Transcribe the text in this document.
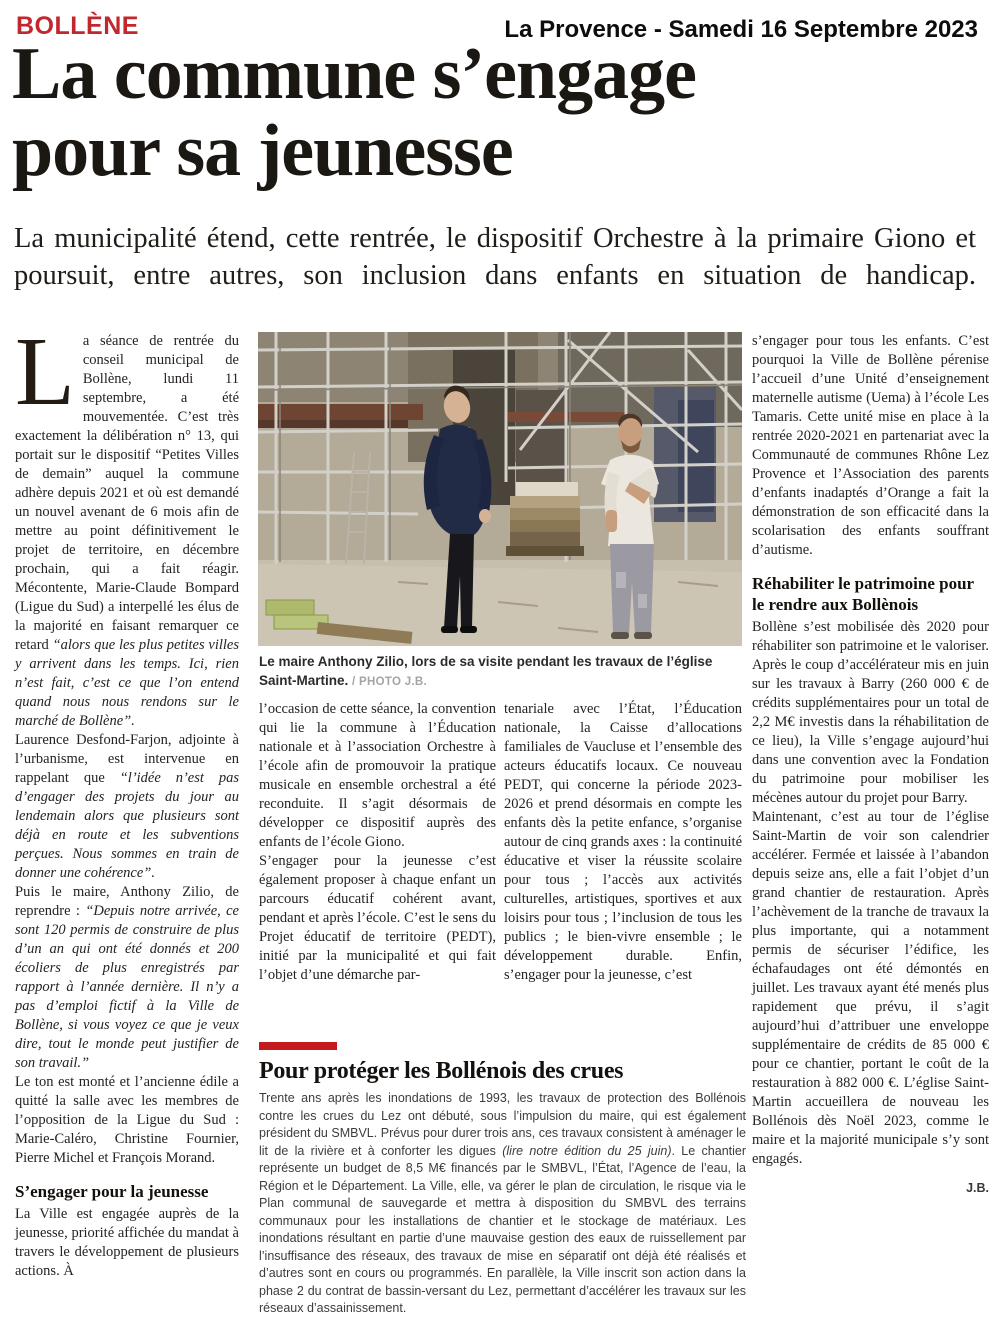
BOLLÈNE	La Provence - Samedi 16 Septembre 2023
La commune s’engage
pour sa jeunesse

La municipalité étend, cette rentrée, le dispositif Orchestre à la primaire Giono et poursuit, entre autres, son inclusion dans enfants en situation de handicap.

La séance de rentrée du conseil municipal de Bollène, lundi 11 septembre, a été mouvementée. C’est très exactement la délibération n° 13, qui portait sur le dispositif “Petites Villes de demain” auquel la commune adhère depuis 2021 et où est demandé un nouvel avenant de 6 mois afin de mettre au point définitivement le projet de territoire, en décembre prochain, qui a fait réagir. Mécontente, Marie-Claude Bompard (Ligue du Sud) a interpellé les élus de la majorité en faisant remarquer ce retard “alors que les plus petites villes y arrivent dans les temps. Ici, rien n’est fait, c’est ce que l’on entend quand nous nous rendons sur le marché de Bollène”.

Laurence Desfond-Farjon, adjointe à l’urbanisme, est intervenue en rappelant que “l’idée n’est pas d’engager des projets du jour au lendemain alors que plusieurs sont déjà en route et les subventions perçues. Nous sommes en train de donner une cohérence”.

Puis le maire, Anthony Zilio, de reprendre : “Depuis notre arrivée, ce sont 120 permis de construire de plus d’un an qui ont été donnés et 200 écoliers de plus enregistrés par rapport à l’année dernière. Il n’y a pas d’emploi fictif à la Ville de Bollène, si vous voyez ce que je veux dire, tout le monde peut justifier de son travail.”

Le ton est monté et l’ancienne édile a quitté la salle avec les membres de l’opposition de la Ligue du Sud : Marie-Caléro, Christine Fournier, Pierre Michel et François Morand.

S’engager pour la jeunesse

La Ville est engagée auprès de la jeunesse, priorité affichée du mandat à travers le développement de plusieurs actions. À

Le maire Anthony Zilio, lors de sa visite pendant les travaux de l’église Saint-Martine. / PHOTO J.B.

l’occasion de cette séance, la convention qui lie la commune à l’Éducation nationale et à l’association Orchestre à l’école afin de promouvoir la pratique musicale en ensemble orchestral a été reconduite. Il s’agit désormais de développer ce dispositif auprès des enfants de l’école Giono.

S’engager pour la jeunesse c’est également proposer à chaque enfant un parcours éducatif cohérent avant, pendant et après l’école. C’est le sens du Projet éducatif de territoire (PEDT), initié par la municipalité et qui fait l’objet d’une démarche par-

tenariale avec l’État, l’Éducation nationale, la Caisse d’allocations familiales de Vaucluse et l’ensemble des acteurs éducatifs locaux. Ce nouveau PEDT, qui concerne la période 2023-2026 et prend désormais en compte les enfants dès la petite enfance, s’organise autour de cinq grands axes : la continuité éducative et viser la réussite scolaire pour tous ; l’accès aux activités culturelles, artistiques, sportives et aux loisirs pour tous ; l’inclusion de tous les publics ; le bien-vivre ensemble ; le développement durable. Enfin, s’engager pour la jeunesse, c’est

Pour protéger les Bollénois des crues

Trente ans après les inondations de 1993, les travaux de protection des Bollénois contre les crues du Lez ont débuté, sous l’impulsion du maire, qui est également président du SMBVL. Prévus pour durer trois ans, ces travaux consistent à aménager le lit de la rivière et à conforter les digues (lire notre édition du 25 juin). Le chantier représente un budget de 8,5 M€ financés par le SMBVL, l’État, l’Agence de l’eau, la Région et le Département. La Ville, elle, va gérer le plan de circulation, le risque via le Plan communal de sauvegarde et mettra à disposition du SMBVL des terrains communaux pour les installations de chantier et le stockage de matériaux. Les inondations résultant en partie d’une mauvaise gestion des eaux de ruissellement par l’insuffisance des réseaux, des travaux de mise en séparatif ont déjà été réalisés et d’autres sont en cours ou programmés. En parallèle, la Ville inscrit son action dans la phase 2 du contrat de bassin-versant du Lez, permettant d’accélérer les travaux sur les réseaux d’assainissement.

s’engager pour tous les enfants. C’est pourquoi la Ville de Bollène pérenise l’accueil d’une Unité d’enseignement maternelle autisme (Uema) à l’école Les Tamaris. Cette unité mise en place à la rentrée 2020-2021 en partenariat avec la Communauté de communes Rhône Lez Provence et l’Association des parents d’enfants inadaptés d’Orange a fait la démonstration de son efficacité dans la scolarisation des enfants souffrant d’autisme.

Réhabiliter le patrimoine pour le rendre aux Bollènois

Bollène s’est mobilisée dès 2020 pour réhabiliter son patrimoine et le valoriser. Après le coup d’accélérateur mis en juin sur les travaux à Barry (260 000 € de crédits supplémentaires pour un total de 2,2 M€ investis dans la réhabilitation de ce lieu), la Ville s’engage aujourd’hui dans une convention avec la Fondation du patrimoine pour mobiliser les mécènes autour du projet pour Barry.

Maintenant, c’est au tour de l’église Saint-Martin de voir son calendrier accélérer. Fermée et laissée à l’abandon depuis seize ans, elle a fait l’objet d’un grand chantier de restauration. Après l’achèvement de la tranche de travaux la plus importante, qui a notamment permis de sécuriser l’édifice, les échafaudages ont été démontés en juillet. Les travaux ayant été menés plus rapidement que prévu, il s’agit aujourd’hui d’attribuer une enveloppe supplémentaire de crédits de 85 000 € pour ce chantier, portant le coût de la restauration à 882 000 €. L’église Saint-Martin accueillera de nouveau les Bollénois dès Noël 2023, comme le maire et la majorité municipale s’y sont engagés.

J.B.
